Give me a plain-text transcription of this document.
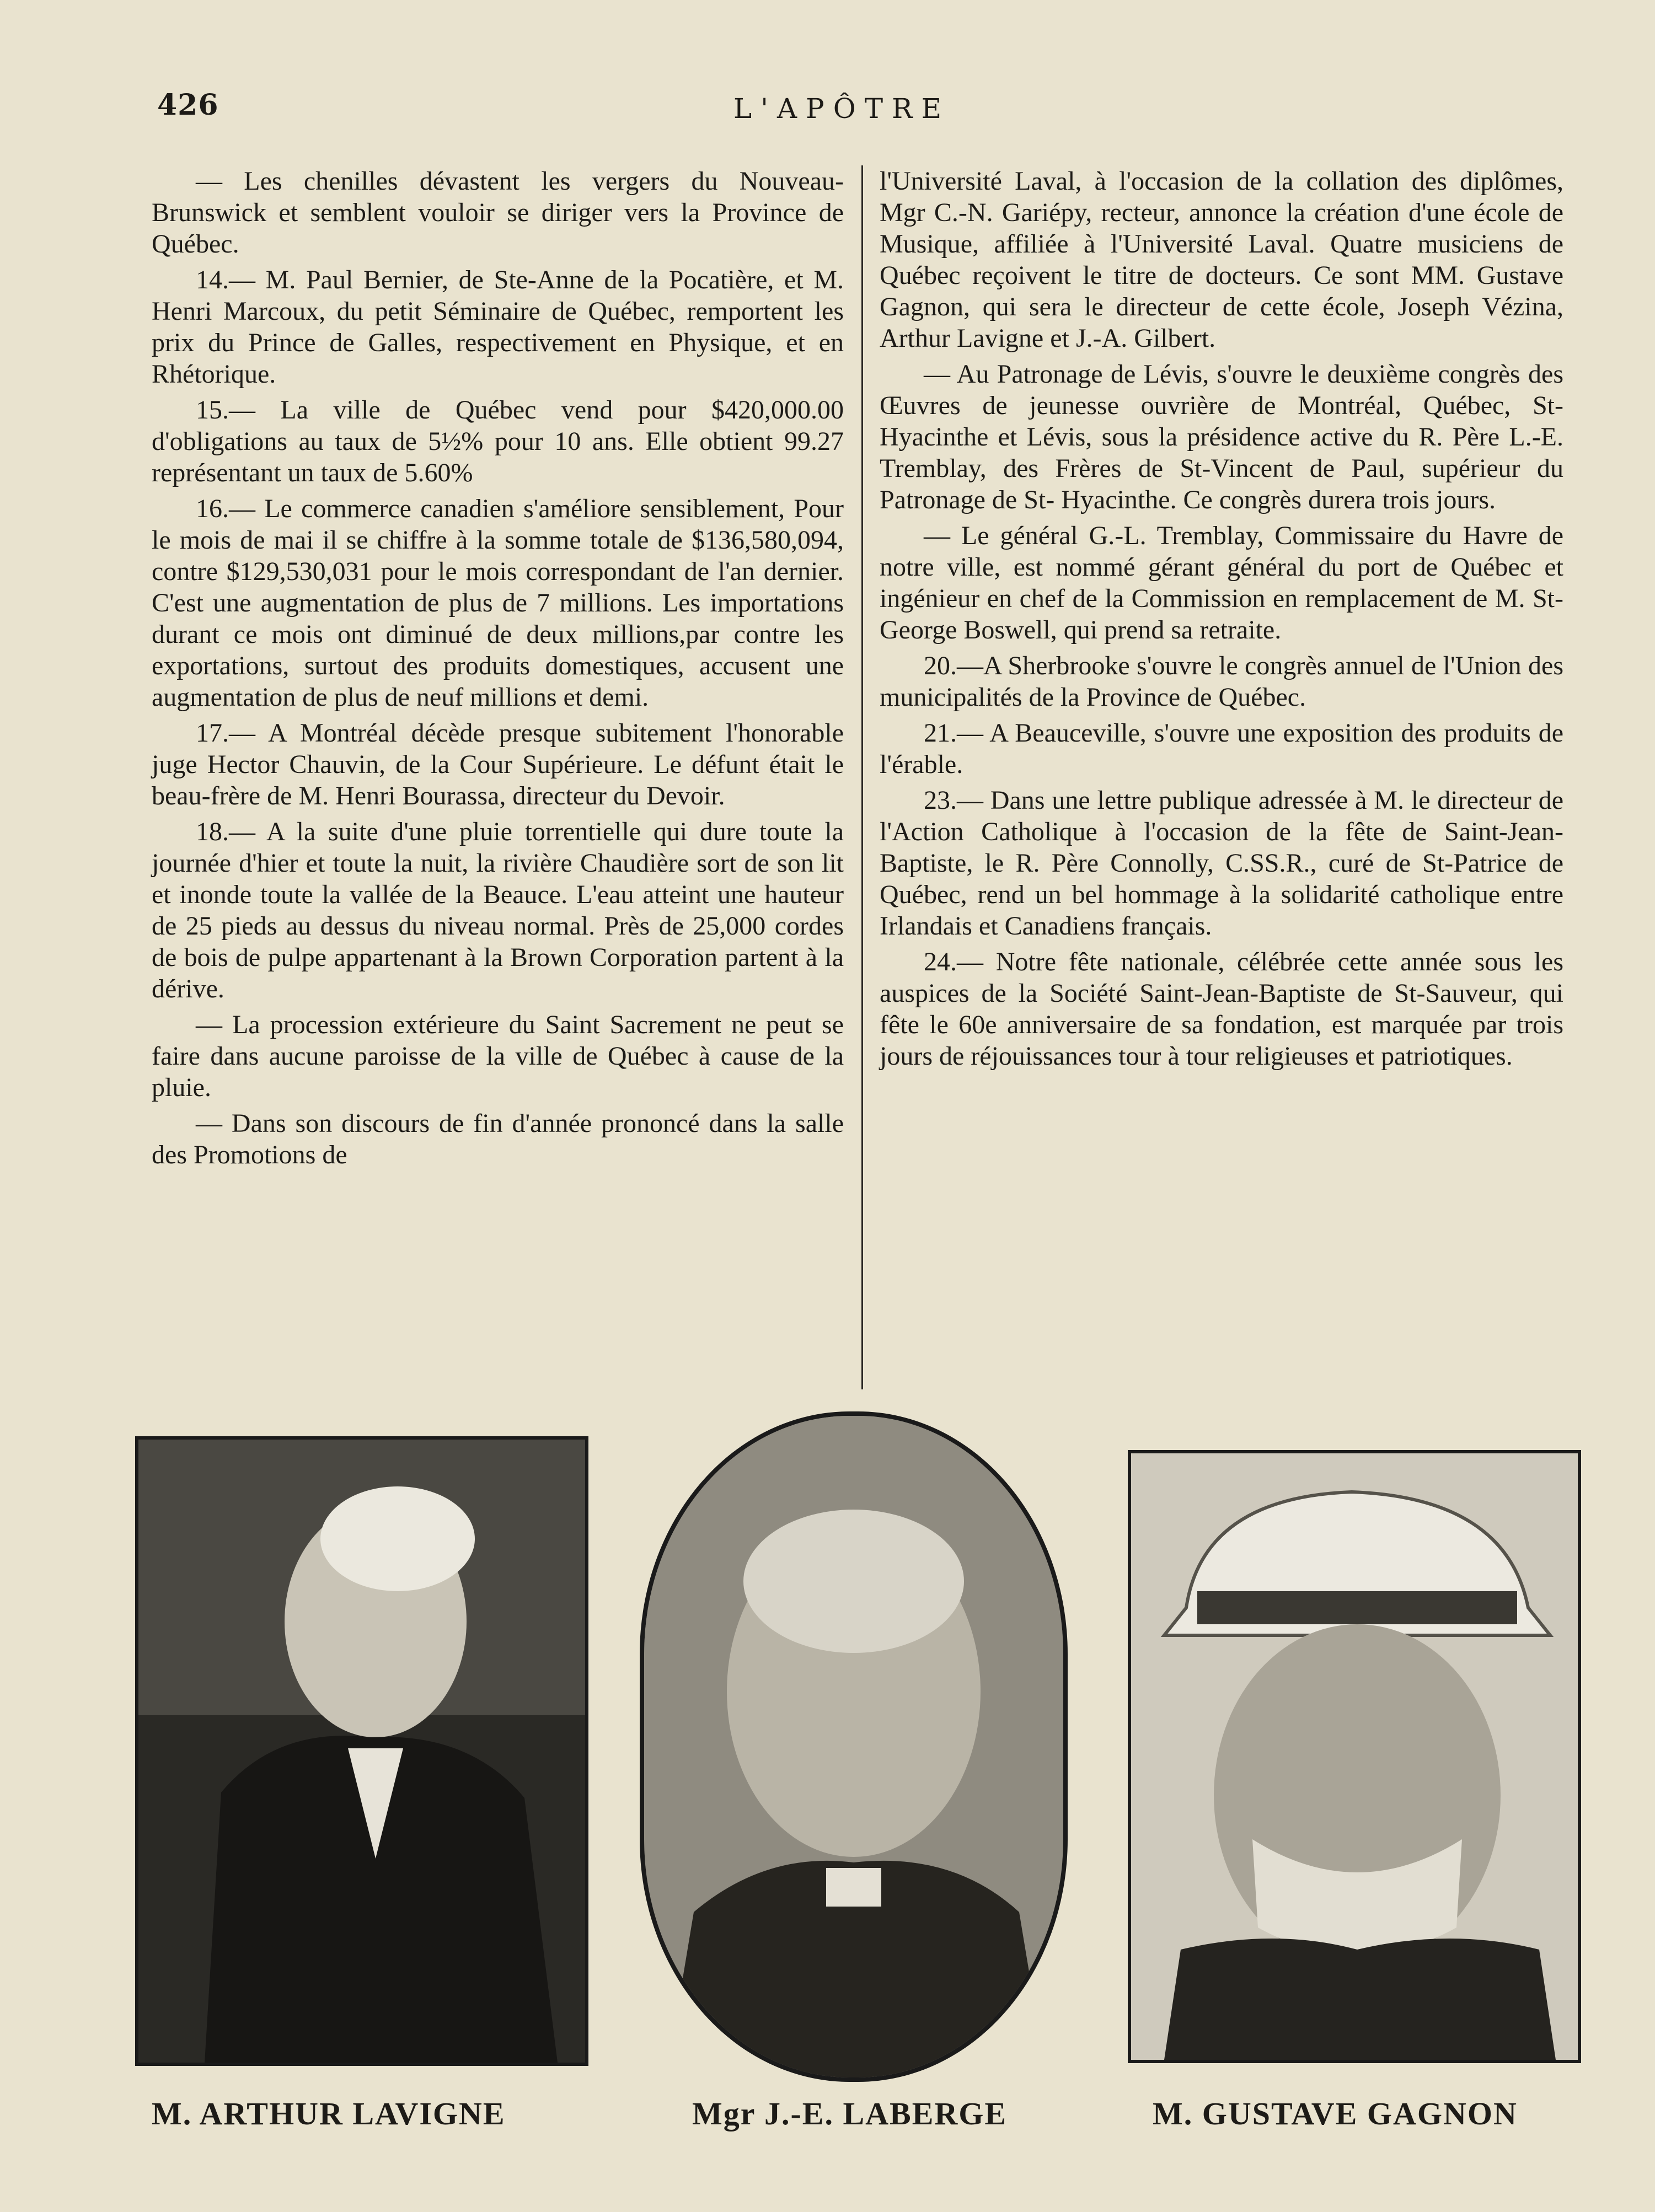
426	L'APÔTRE

— Les chenilles dévastent les vergers du Nouveau-Brunswick et semblent vouloir se diriger vers la Province de Québec.

14.— M. Paul Bernier, de Ste-Anne de la Pocatière, et M. Henri Marcoux, du petit Séminaire de Québec, remportent les prix du Prince de Galles, respectivement en Physique, et en Rhétorique.

15.— La ville de Québec vend pour $420,000.00 d'obligations au taux de 5½% pour 10 ans. Elle obtient 99.27 représentant un taux de 5.60%

16.— Le commerce canadien s'améliore sensiblement, Pour le mois de mai il se chiffre à la somme totale de $136,580,094, contre $129,530,031 pour le mois correspondant de l'an dernier. C'est une augmentation de plus de 7 millions. Les importations durant ce mois ont diminué de deux millions,par contre les exportations, surtout des produits domestiques, accusent une augmentation de plus de neuf millions et demi.

17.— A Montréal décède presque subitement l'honorable juge Hector Chauvin, de la Cour Supérieure. Le défunt était le beau-frère de M. Henri Bourassa, directeur du Devoir.

18.— A la suite d'une pluie torrentielle qui dure toute la journée d'hier et toute la nuit, la rivière Chaudière sort de son lit et inonde toute la vallée de la Beauce. L'eau atteint une hauteur de 25 pieds au dessus du niveau normal. Près de 25,000 cordes de bois de pulpe appartenant à la Brown Corporation partent à la dérive.

— La procession extérieure du Saint Sacrement ne peut se faire dans aucune paroisse de la ville de Québec à cause de la pluie.

— Dans son discours de fin d'année prononcé dans la salle des Promotions de

l'Université Laval, à l'occasion de la collation des diplômes, Mgr C.-N. Gariépy, recteur, annonce la création d'une école de Musique, affiliée à l'Université Laval. Quatre musiciens de Québec reçoivent le titre de docteurs. Ce sont MM. Gustave Gagnon, qui sera le directeur de cette école, Joseph Vézina, Arthur Lavigne et J.-A. Gilbert.

— Au Patronage de Lévis, s'ouvre le deuxième congrès des Œuvres de jeunesse ouvrière de Montréal, Québec, St-Hyacinthe et Lévis, sous la présidence active du R. Père L.-E. Tremblay, des Frères de St-Vincent de Paul, supérieur du Patronage de St- Hyacinthe. Ce congrès durera trois jours.

— Le général G.-L. Tremblay, Commissaire du Havre de notre ville, est nommé gérant général du port de Québec et ingénieur en chef de la Commission en remplacement de M. St-George Boswell, qui prend sa retraite.

20.—A Sherbrooke s'ouvre le congrès annuel de l'Union des municipalités de la Province de Québec.

21.— A Beauceville, s'ouvre une exposition des produits de l'érable.

23.— Dans une lettre publique adressée à M. le directeur de l'Action Catholique à l'occasion de la fête de Saint-Jean-Baptiste, le R. Père Connolly, C.SS.R., curé de St-Patrice de Québec, rend un bel hommage à la solidarité catholique entre Irlandais et Canadiens français.

24.— Notre fête nationale, célébrée cette année sous les auspices de la Société Saint-Jean-Baptiste de St-Sauveur, qui fête le 60e anniversaire de sa fondation, est marquée par trois jours de réjouissances tour à tour religieuses et patriotiques.

M. ARTHUR LAVIGNE	Mgr J.-E. LABERGE	M. GUSTAVE GAGNON
